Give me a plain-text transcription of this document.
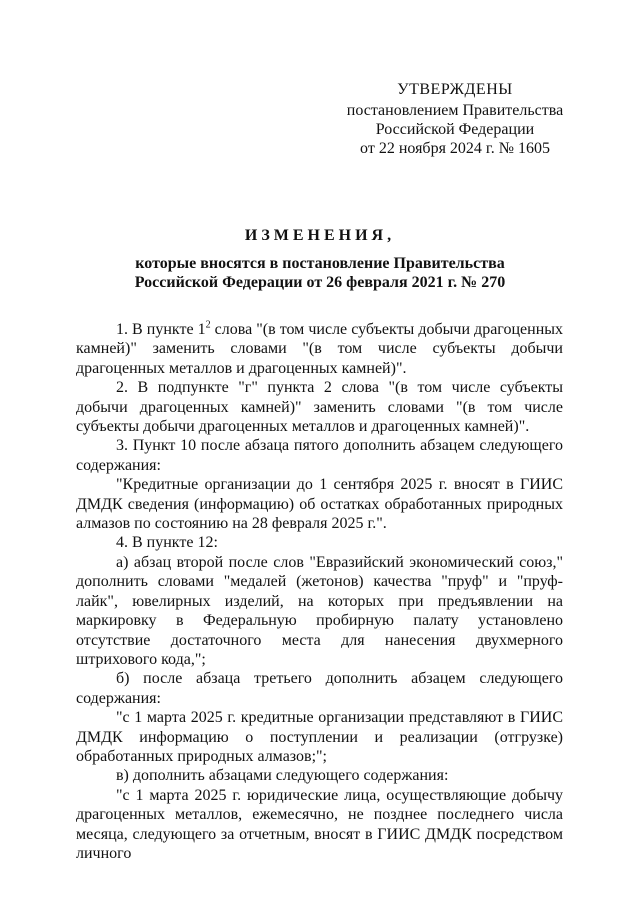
УТВЕРЖДЕНЫ
постановлением Правительства
Российской Федерации
от 22 ноября 2024 г. № 1605
ИЗМЕНЕНИЯ,
которые вносятся в постановление Правительства
Российской Федерации от 26 февраля 2021 г. № 270

1. В пункте $1^2$ слова "(в том числе субъекты добычи драгоценных камней)" заменить словами "(в том числе субъекты добычи драгоценных металлов и драгоценных камней)".

2. В подпункте "г" пункта 2 слова "(в том числе субъекты добычи драгоценных камней)" заменить словами "(в том числе субъекты добычи драгоценных металлов и драгоценных камней)".

3. Пункт 10 после абзаца пятого дополнить абзацем следующего содержания:

"Кредитные организации до 1 сентября 2025 г. вносят в ГИИС ДМДК сведения (информацию) об остатках обработанных природных алмазов по состоянию на 28 февраля 2025 г.".

4. В пункте 12:

а) абзац второй после слов "Евразийский экономический союз," дополнить словами "медалей (жетонов) качества "пруф" и "пруф-лайк", ювелирных изделий, на которых при предъявлении на маркировку в Федеральную пробирную палату установлено отсутствие достаточного места для нанесения двухмерного штрихового кода,";

б) после абзаца третьего дополнить абзацем следующего содержания:

"с 1 марта 2025 г. кредитные организации представляют в ГИИС ДМДК информацию о поступлении и реализации (отгрузке) обработанных природных алмазов;";

в) дополнить абзацами следующего содержания:

"с 1 марта 2025 г. юридические лица, осуществляющие добычу драгоценных металлов, ежемесячно, не позднее последнего числа месяца, следующего за отчетным, вносят в ГИИС ДМДК посредством личного
